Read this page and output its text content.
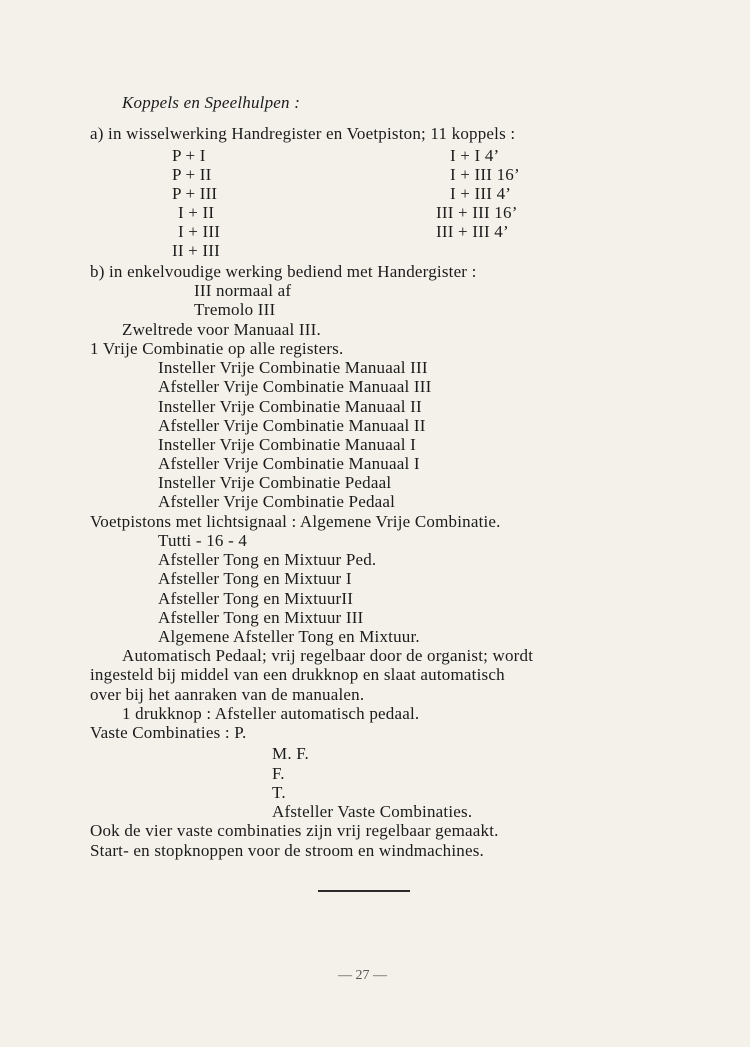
Koppels en Speelhulpen :
a) in wisselwerking Handregister en Voetpiston; 11 koppels :
P + I
P + II
P + III
I + II
I + III
II + III
I + I 4’
I + III 16’
I + III 4’
III + III 16’
III + III 4’
b) in enkelvoudige werking bediend met Handergister :
III normaal af
Tremolo III
Zweltrede voor Manuaal III.
1 Vrije Combinatie op alle registers.
Insteller Vrije Combinatie Manuaal III
Afsteller Vrije Combinatie Manuaal III
Insteller Vrije Combinatie Manuaal II
Afsteller Vrije Combinatie Manuaal II
Insteller Vrije Combinatie Manuaal I
Afsteller Vrije Combinatie Manuaal I
Insteller Vrije Combinatie Pedaal
Afsteller Vrije Combinatie Pedaal
Voetpistons met lichtsignaal : Algemene Vrije Combinatie.
Tutti - 16 - 4
Afsteller Tong en Mixtuur Ped.
Afsteller Tong en Mixtuur I
Afsteller Tong en MixtuurII
Afsteller Tong en Mixtuur III
Algemene Afsteller Tong en Mixtuur.
Automatisch Pedaal; vrij regelbaar door de organist; wordt
ingesteld bij middel van een drukknop en slaat automatisch
over bij het aanraken van de manualen.
1 drukknop : Afsteller automatisch pedaal.
Vaste Combinaties : P.
M. F.
F.
T.
Afsteller Vaste Combinaties.
Ook de vier vaste combinaties zijn vrij regelbaar gemaakt.
Start- en stopknoppen voor de stroom en windmachines.
— 27 —
